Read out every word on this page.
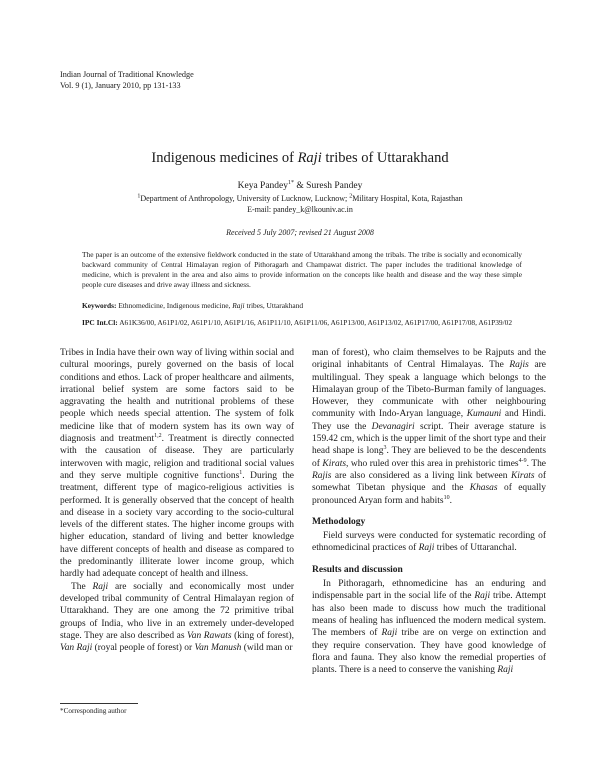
Indian Journal of Traditional Knowledge
Vol. 9 (1), January 2010, pp 131-133
Indigenous medicines of Raji tribes of Uttarakhand
Keya Pandey$^{1*}$ & Suresh Pandey
$^1$Department of Anthropology, University of Lucknow, Lucknow; $^2$Military Hospital, Kota, Rajasthan
E-mail: pandey_k@lkouniv.ac.in
Received 5 July 2007; revised 21 August 2008
The paper is an outcome of the extensive fieldwork conducted in the state of Uttarakhand among the tribals. The tribe is socially and economically backward community of Central Himalayan region of Pithoragarh and Champawat district. The paper includes the traditional knowledge of medicine, which is prevalent in the area and also aims to provide information on the concepts like health and disease and the way these simple people cure diseases and drive away illness and sickness.
Keywords: Ethnomedicine, Indigenous medicine, Raji tribes, Uttarakhand
IPC Int.Cl: A61K36/00, A61P1/02, A61P1/10, A61P1/16, A61P11/10, A61P11/06, A61P13/00, A61P13/02, A61P17/00, A61P17/08, A61P39/02

Tribes in India have their own way of living within social and cultural moorings, purely governed on the basis of local conditions and ethos. Lack of proper healthcare and ailments, irrational belief system are some factors said to be aggravating the health and nutritional problems of these people which needs special attention. The system of folk medicine like that of modern system has its own way of diagnosis and treatment$^{1,2}$. Treatment is directly connected with the causation of disease. They are particularly interwoven with magic, religion and traditional social values and they serve multiple cognitive functions$^1$. During the treatment, different type of magico-religious activities is performed. It is generally observed that the concept of health and disease in a society vary according to the socio-cultural levels of the different states. The higher income groups with higher education, standard of living and better knowledge have different concepts of health and disease as compared to the predominantly illiterate lower income group, which hardly had adequate concept of health and illness.

The Raji are socially and economically most under developed tribal community of Central Himalayan region of Uttarakhand. They are one among the 72 primitive tribal groups of India, who live in an extremely under-developed stage. They are also described as Van Rawats (king of forest), Van Raji (royal people of forest) or Van Manush (wild man or

man of forest), who claim themselves to be Rajputs and the original inhabitants of Central Himalayas. The Rajis are multilingual. They speak a language which belongs to the Himalayan group of the Tibeto-Burman family of languages. However, they communicate with other neighbouring community with Indo-Aryan language, Kumauni and Hindi. They use the Devanagiri script. Their average stature is 159.42 cm, which is the upper limit of the short type and their head shape is long$^3$. They are believed to be the descendents of Kirats, who ruled over this area in prehistoric times$^{4-9}$. The Rajis are also considered as a living link between Kirats of somewhat Tibetan physique and the Khasas of equally pronounced Aryan form and habits$^{10}$.

Methodology

Field surveys were conducted for systematic recording of ethnomedicinal practices of Raji tribes of Uttaranchal.

Results and discussion

In Pithoragarh, ethnomedicine has an enduring and indispensable part in the social life of the Raji tribe. Attempt has also been made to discuss how much the traditional means of healing has influenced the modern medical system. The members of Raji tribe are on verge on extinction and they require conservation. They have good knowledge of flora and fauna. They also know the remedial properties of plants. There is a need to conserve the vanishing Raji

*Corresponding author
